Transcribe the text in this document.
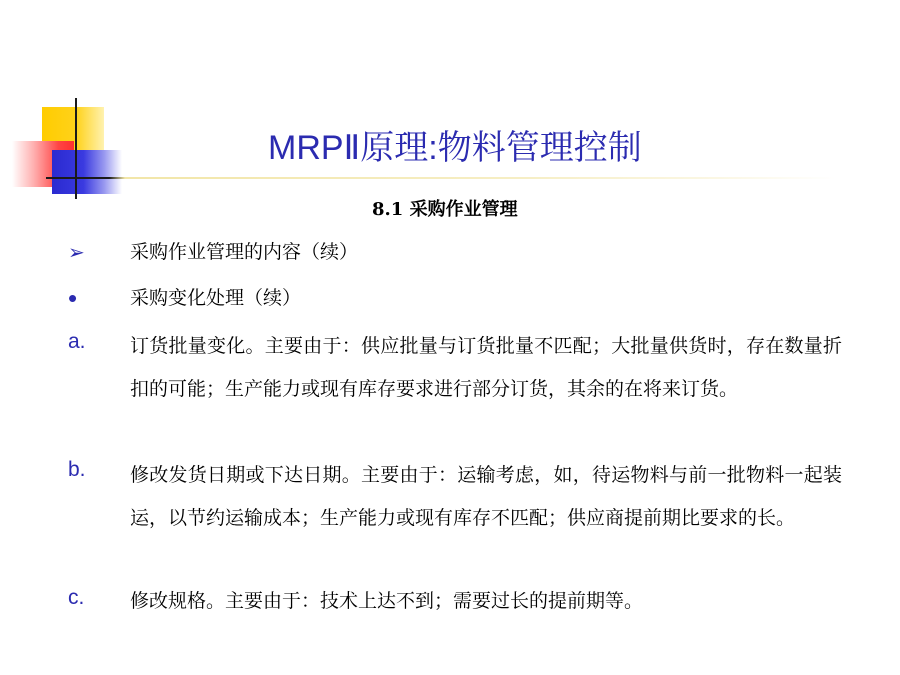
MRPⅡ原理:物料管理控制
8.1 采购作业管理
➢ 采购作业管理的内容（续）
•	采购变化处理（续）
a. 订货批量变化。主要由于：供应批量与订货批量不匹配；大批量供货时，存在数量折扣的可能；生产能力或现有库存要求进行部分订货，其余的在将来订货。
b. 修改发货日期或下达日期。主要由于：运输考虑，如，待运物料与前一批物料一起装运，以节约运输成本；生产能力或现有库存不匹配；供应商提前期比要求的长。
c. 修改规格。主要由于：技术上达不到；需要过长的提前期等。
